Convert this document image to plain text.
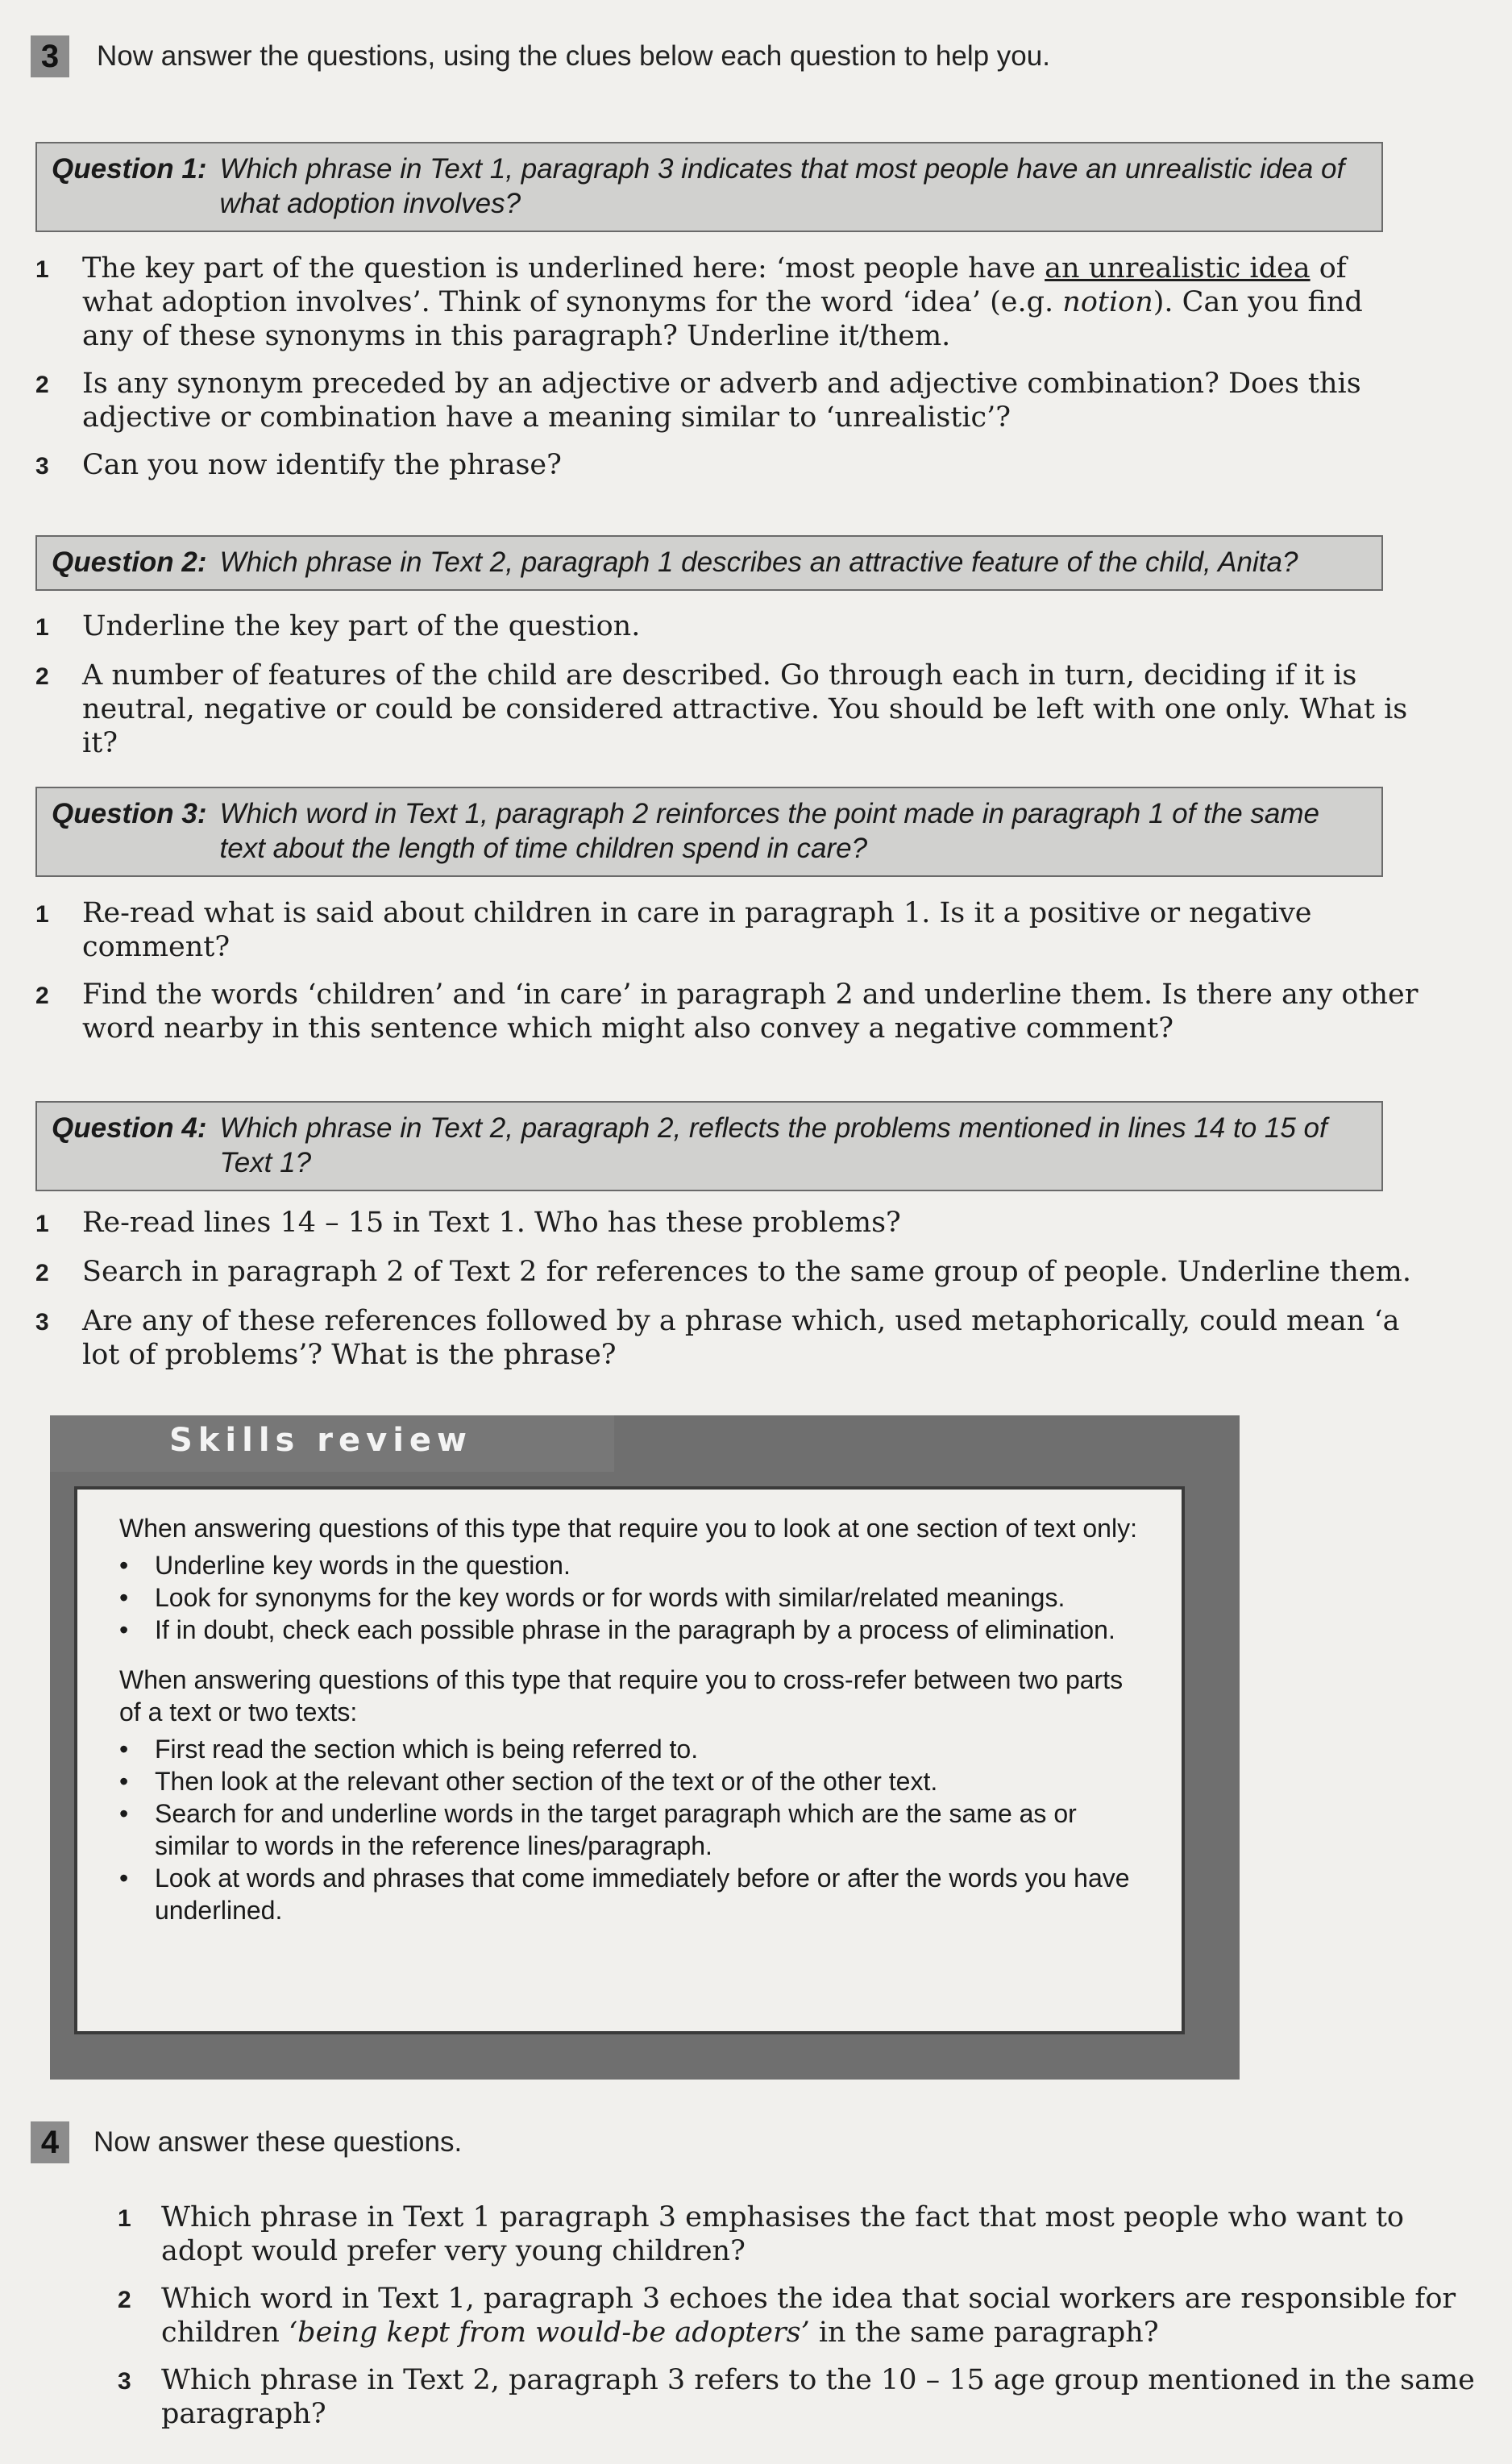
3	Now answer the questions, using the clues below each question to help you.
Question 1: Which phrase in Text 1, paragraph 3 indicates that most people have an unrealistic idea of what adoption involves?
1	The key part of the question is underlined here: ‘most people have an unrealistic idea of what adoption involves’. Think of synonyms for the word ‘idea’ (e.g. notion). Can you find any of these synonyms in this paragraph? Underline it/them.
2	Is any synonym preceded by an adjective or adverb and adjective combination? Does this adjective or combination have a meaning similar to ‘unrealistic’?
3	Can you now identify the phrase?
Question 2: Which phrase in Text 2, paragraph 1 describes an attractive feature of the child, Anita?
1	Underline the key part of the question.
2	A number of features of the child are described. Go through each in turn, deciding if it is neutral, negative or could be considered attractive. You should be left with one only. What is it?
Question 3: Which word in Text 1, paragraph 2 reinforces the point made in paragraph 1 of the same text about the length of time children spend in care?
1	Re-read what is said about children in care in paragraph 1. Is it a positive or negative comment?
2	Find the words ‘children’ and ‘in care’ in paragraph 2 and underline them. Is there any other word nearby in this sentence which might also convey a negative comment?
Question 4: Which phrase in Text 2, paragraph 2, reflects the problems mentioned in lines 14 to 15 of Text 1?
1	Re-read lines 14 – 15 in Text 1. Who has these problems?
2	Search in paragraph 2 of Text 2 for references to the same group of people. Underline them.
3	Are any of these references followed by a phrase which, used metaphorically, could mean ‘a lot of problems’? What is the phrase?
Skills review

When answering questions of this type that require you to look at one section of text only:

•	Underline key words in the question.
•	Look for synonyms for the key words or for words with similar/related meanings.
•	If in doubt, check each possible phrase in the paragraph by a process of elimination.

When answering questions of this type that require you to cross-refer between two parts of a text or two texts:

•	First read the section which is being referred to.
•	Then look at the relevant other section of the text or of the other text.
•	Search for and underline words in the target paragraph which are the same as or similar to words in the reference lines/paragraph.
•	Look at words and phrases that come immediately before or after the words you have underlined.
4	Now answer these questions.
1	Which phrase in Text 1 paragraph 3 emphasises the fact that most people who want to adopt would prefer very young children?
2	Which word in Text 1, paragraph 3 echoes the idea that social workers are responsible for children ‘being kept from would-be adopters’ in the same paragraph?
3	Which phrase in Text 2, paragraph 3 refers to the 10 – 15 age group mentioned in the same paragraph?
